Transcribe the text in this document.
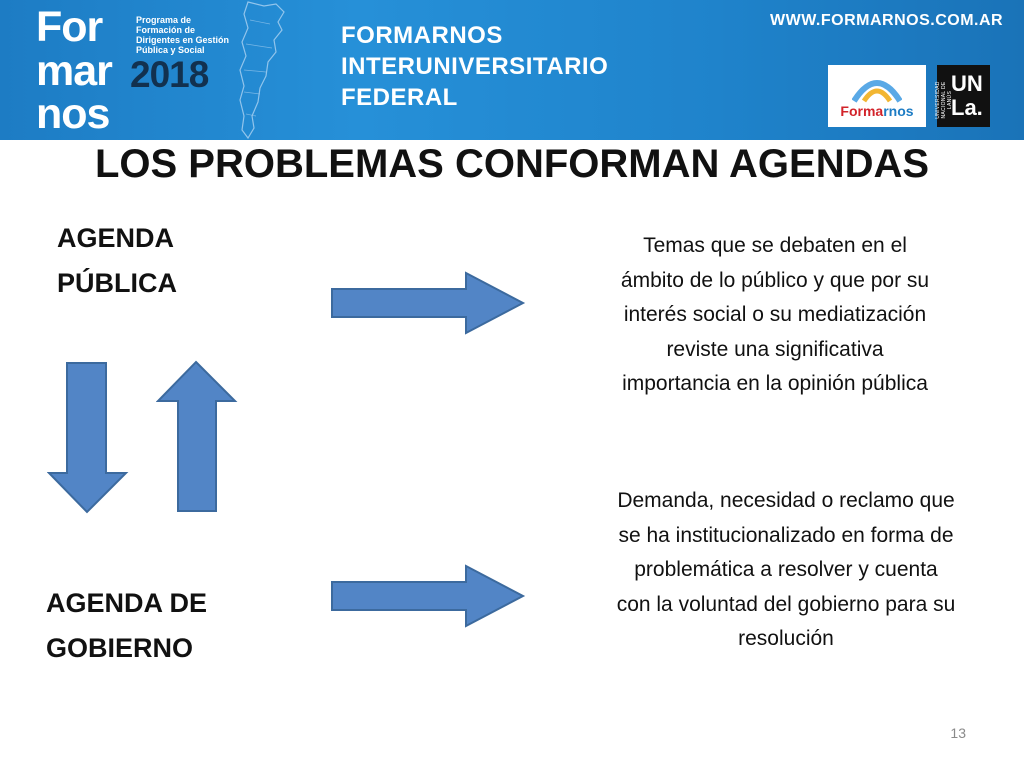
For
mar
nos
Programa de Formación de Dirigentes en Gestión Pública y Social
2018
FORMARNOS
INTERUNIVERSITARIO
FEDERAL
WWW.FORMARNOS.COM.AR
Formarnos	UNIVERSIDAD NACIONAL DE LANÚS
UN
La.
LOS PROBLEMAS CONFORMAN AGENDAS
AGENDA
PÚBLICA
AGENDA DE
GOBIERNO
Temas que se debaten en el
ámbito de lo público y que por su
interés social o su mediatización
reviste una significativa
importancia en la opinión pública
Demanda, necesidad o reclamo que
se ha institucionalizado en forma de
problemática a resolver y cuenta
con la voluntad del gobierno para su
resolución
13
